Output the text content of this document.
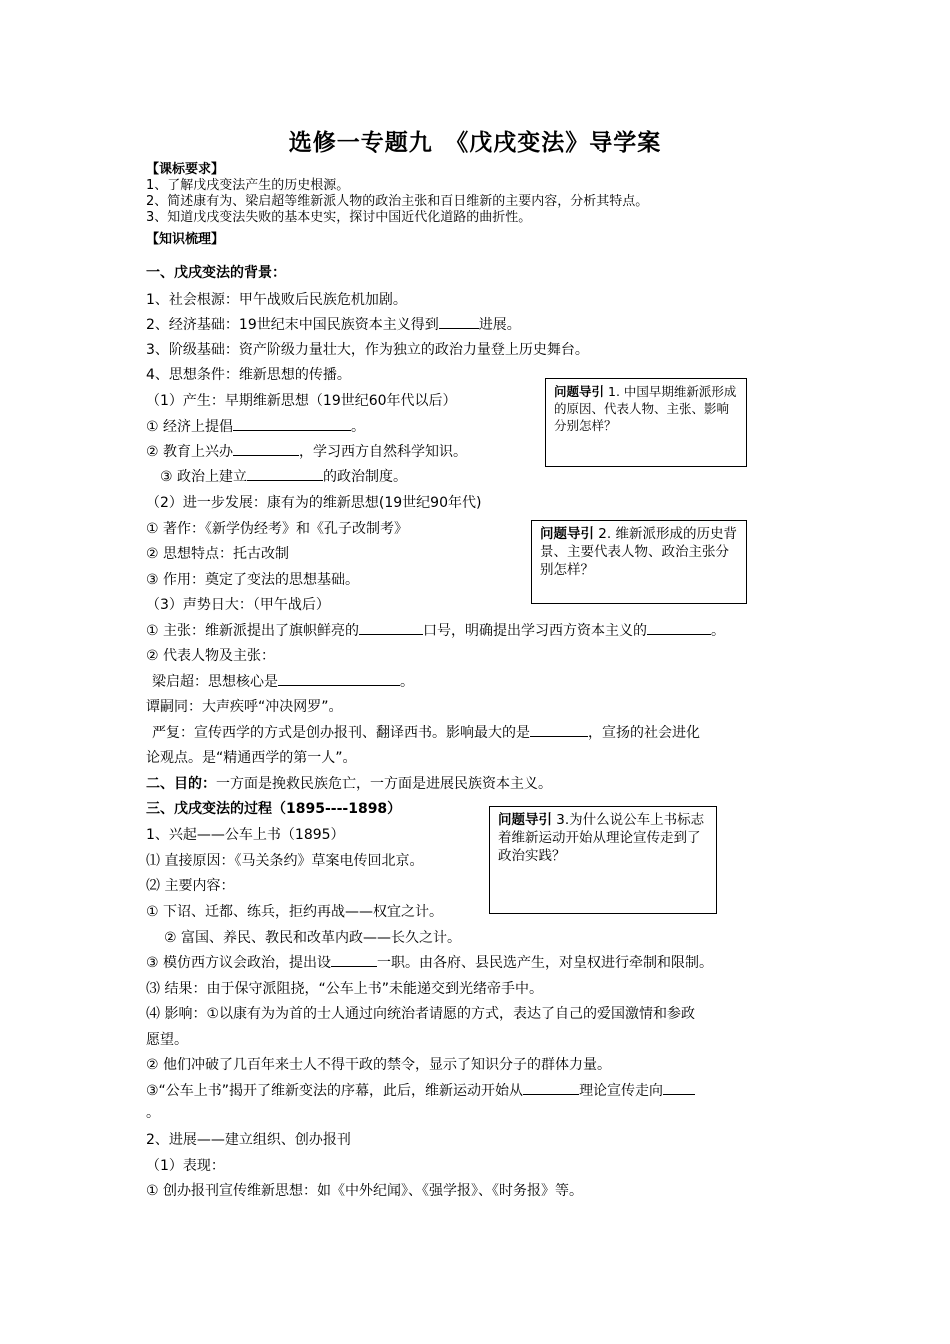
选修一专题九　《戊戌变法》导学案
【课标要求】
1、了解戊戌变法产生的历史根源。
2、简述康有为、梁启超等维新派人物的政治主张和百日维新的主要内容，分析其特点。
3、知道戊戌变法失败的基本史实，探讨中国近代化道路的曲折性。
【知识梳理】
一、戊戌变法的背景：
1、社会根源：甲午战败后民族危机加剧。
2、经济基础：19世纪末中国民族资本主义得到	进展。
3、阶级基础：资产阶级力量壮大，作为独立的政治力量登上历史舞台。
4、思想条件：维新思想的传播。
（1）产生：早期维新思想（19世纪60年代以后）
① 经济上提倡	。
② 教育上兴办	，学习西方自然科学知识。
③ 政治上建立	的政治制度。
（2）进一步发展：康有为的维新思想(19世纪90年代)
① 著作：《新学伪经考》和《孔子改制考》
② 思想特点：托古改制
③ 作用：奠定了变法的思想基础。
（3）声势日大：（甲午战后）
① 主张：维新派提出了旗帜鲜亮的	口号，明确提出学习西方资本主义的	。
② 代表人物及主张：
梁启超：思想核心是	。
谭嗣同：大声疾呼“冲决网罗”。
严复：宣传西学的方式是创办报刊、翻译西书。影响最大的是	，宣扬的社会进化
论观点。是“精通西学的第一人”。
二、目的：一方面是挽救民族危亡，一方面是进展民族资本主义。
三、戊戌变法的过程（1895----1898）
1、兴起——公车上书（1895）
⑴ 直接原因：《马关条约》草案电传回北京。
⑵ 主要内容：
① 下诏、迁都、练兵，拒约再战——权宜之计。
② 富国、养民、教民和改革内政——长久之计。
③ 模仿西方议会政治，提出设	一职。由各府、县民选产生，对皇权进行牵制和限制。
⑶ 结果：由于保守派阻挠，“公车上书”未能递交到光绪帝手中。
⑷ 影响：①以康有为为首的士人通过向统治者请愿的方式，表达了自己的爱国激情和参政
愿望。
② 他们冲破了几百年来士人不得干政的禁令，显示了知识分子的群体力量。
③“公车上书”揭开了维新变法的序幕，此后，维新运动开始从	理论宣传走向
。
2、进展——建立组织、创办报刊
（1）表现：
① 创办报刊宣传维新思想：如《中外纪闻》、《强学报》、《时务报》等。
问题导引 1. 中国早期维新派形成的原因、代表人物、主张、影响分别怎样？
问题导引 2. 维新派形成的历史背景、主要代表人物、政治主张分别怎样？
问题导引 3.为什么说公车上书标志着维新运动开始从理论宣传走到了政治实践？
